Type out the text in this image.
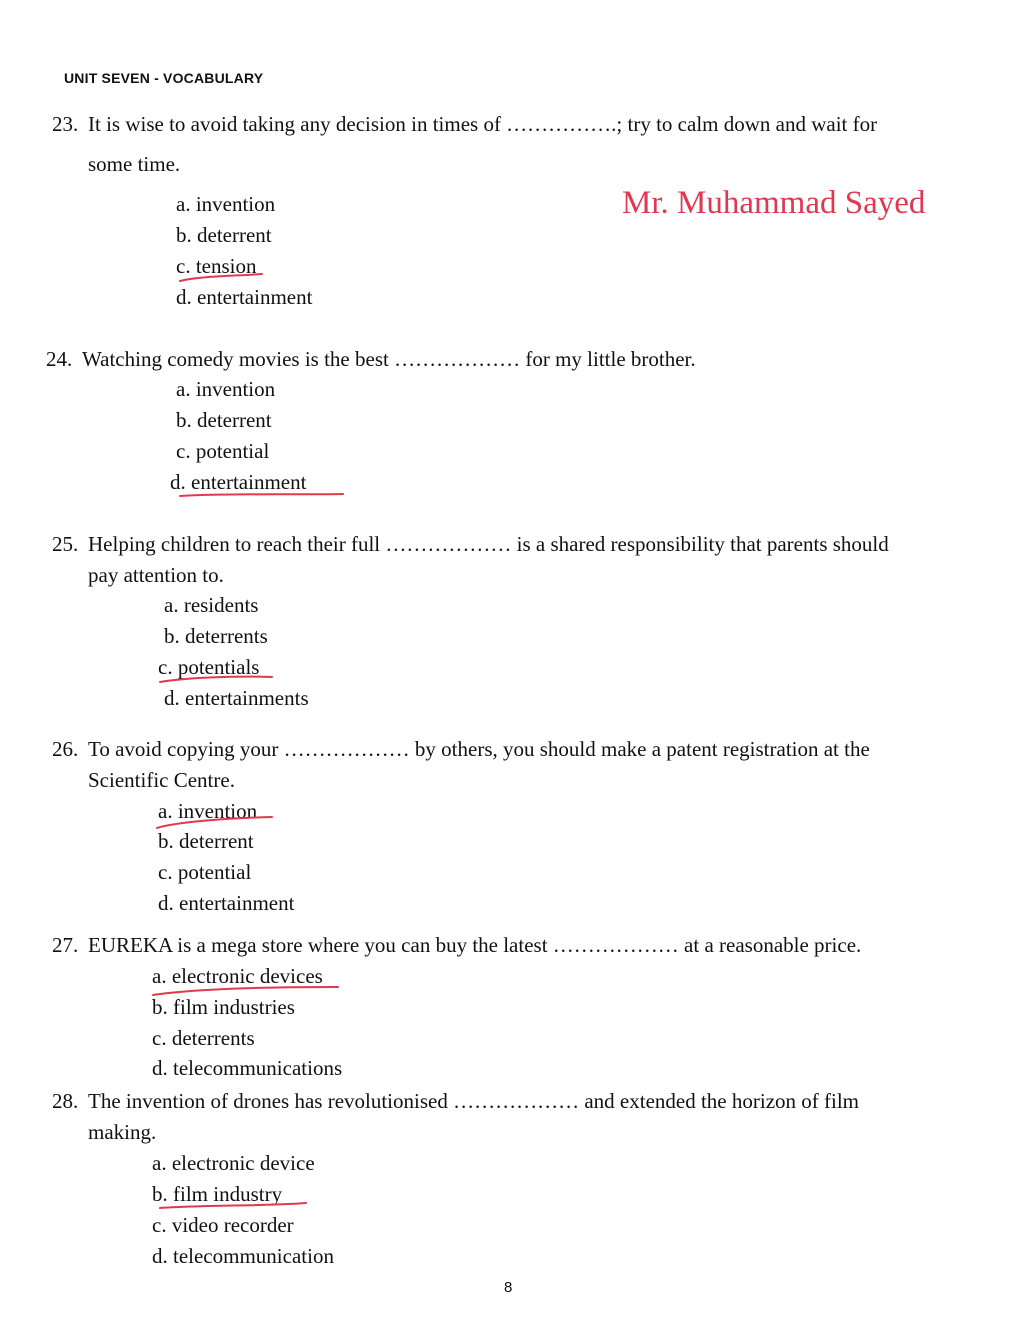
UNIT SEVEN - VOCABULARY
Mr. Muhammad Sayed
23. It is wise to avoid taking any decision in times of …………….; try to calm down and wait for
some time.
a. invention
b. deterrent
c. tension
d. entertainment
24. Watching comedy movies is the best ……………… for my little brother.
a. invention
b. deterrent
c. potential
d. entertainment
25. Helping children to reach their full ……………… is a shared responsibility that parents should
pay attention to.
a. residents
b. deterrents
c. potentials
d. entertainments
26. To avoid copying your ……………… by others, you should make a patent registration at the
Scientific Centre.
a. invention
b. deterrent
c. potential
d. entertainment
27. EUREKA is a mega store where you can buy the latest ……………… at a reasonable price.
a. electronic devices
b. film industries
c. deterrents
d. telecommunications
28. The invention of drones has revolutionised ……………… and extended the horizon of film
making.
a. electronic device
b. film industry
c. video recorder
d. telecommunication
8
